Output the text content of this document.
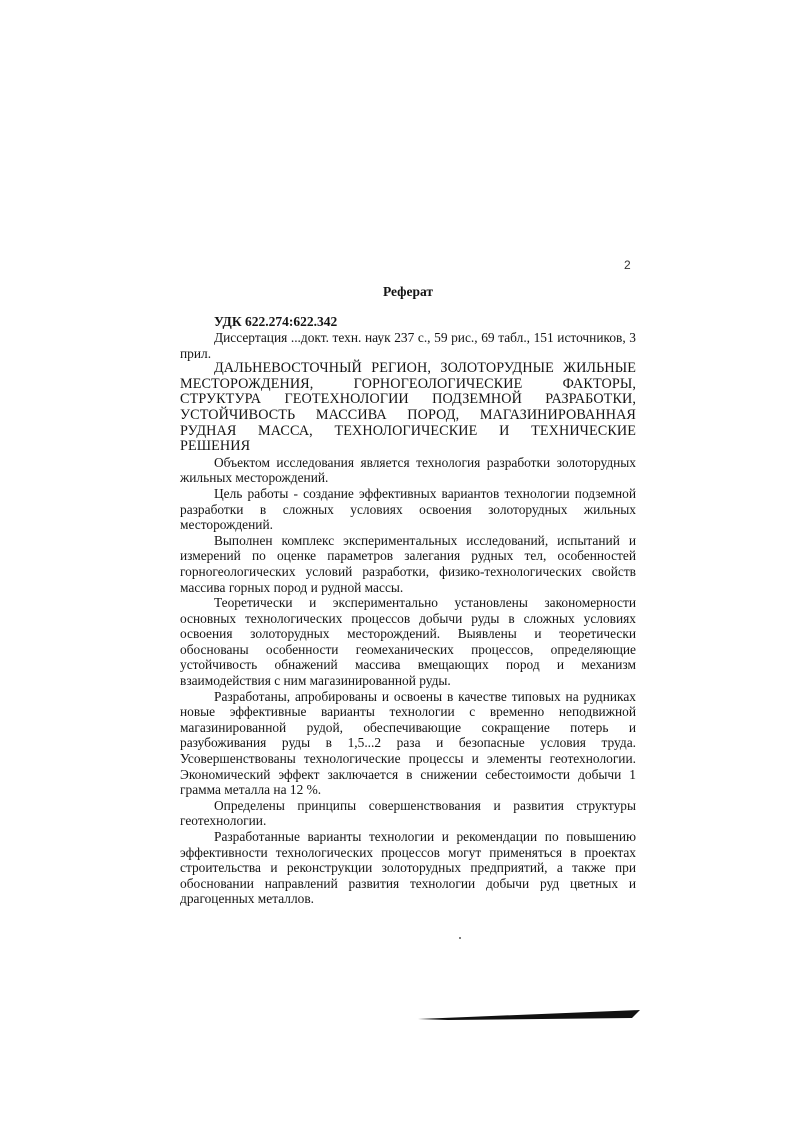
2
Реферат
УДК 622.274:622.342

Диссертация ...докт. техн. наук 237 с., 59 рис., 69 табл., 151 источников, 3 прил.

ДАЛЬНЕВОСТОЧНЫЙ РЕГИОН, ЗОЛОТОРУДНЫЕ ЖИЛЬНЫЕ МЕСТОРОЖДЕНИЯ, ГОРНОГЕОЛОГИЧЕСКИЕ ФАКТОРЫ, СТРУКТУРА ГЕОТЕХНОЛОГИИ ПОДЗЕМНОЙ РАЗРАБОТКИ, УСТОЙЧИВОСТЬ МАССИВА ПОРОД, МАГАЗИНИРОВАННАЯ РУДНАЯ МАССА, ТЕХНОЛОГИЧЕСКИЕ И ТЕХНИЧЕСКИЕ РЕШЕНИЯ

Объектом исследования является технология разработки золоторудных жильных месторождений.

Цель работы - создание эффективных вариантов технологии подземной разработки в сложных условиях освоения золоторудных жильных месторождений.

Выполнен комплекс экспериментальных исследований, испытаний и измерений по оценке параметров залегания рудных тел, особенностей горногеологических условий разработки, физико-технологических свойств массива горных пород и рудной массы.

Теоретически и экспериментально установлены закономерности основных технологических процессов добычи руды в сложных условиях освоения золоторудных месторождений. Выявлены и теоретически обоснованы особенности геомеханических процессов, определяющие устойчивость обнажений массива вмещающих пород и механизм взаимодействия с ним магазинированной руды.

Разработаны, апробированы и освоены в качестве типовых на рудниках новые эффективные варианты технологии с временно неподвижной магазинированной рудой, обеспечивающие сокращение потерь и разубоживания руды в 1,5...2 раза и безопасные условия труда. Усовершенствованы технологические процессы и элементы геотехнологии. Экономический эффект заключается в снижении себестоимости добычи 1 грамма металла на 12 %.

Определены принципы совершенствования и развития структуры геотехнологии.

Разработанные варианты технологии и рекомендации по повышению эффективности технологических процессов могут применяться в проектах строительства и реконструкции золоторудных предприятий, а также при обосновании направлений развития технологии добычи руд цветных и драгоценных металлов.
